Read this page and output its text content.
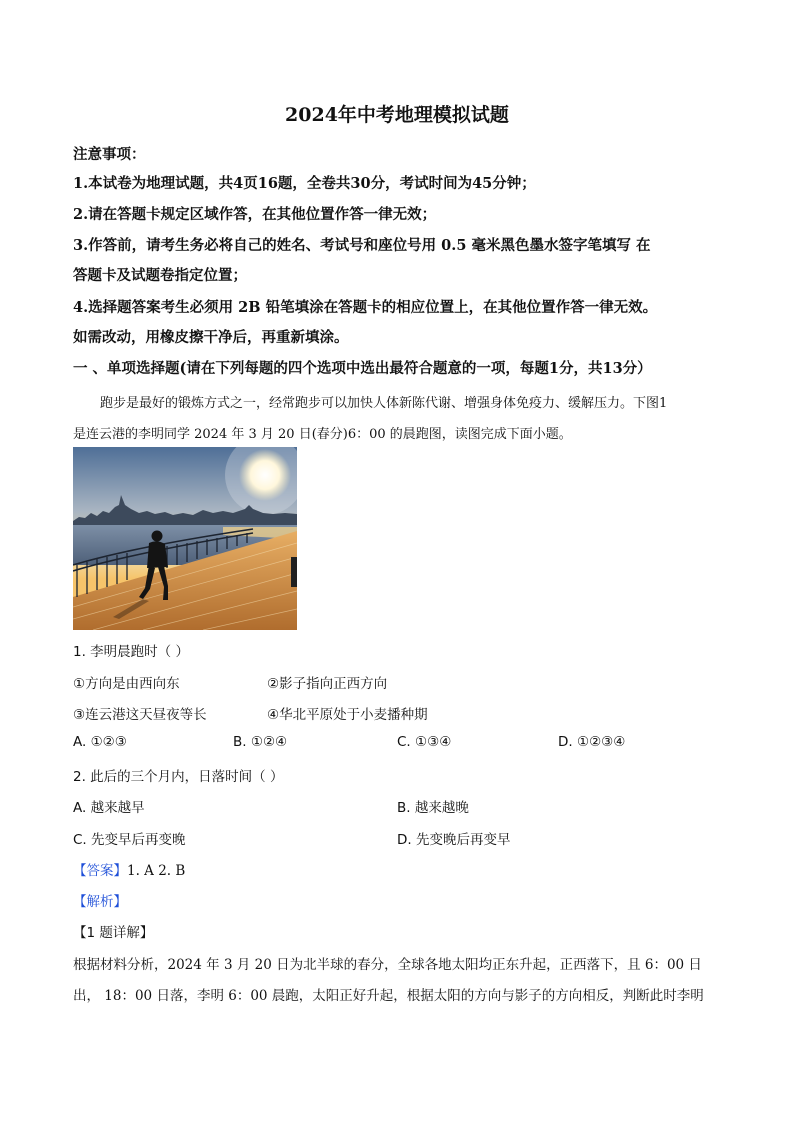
2024年中考地理模拟试题
注意事项：
1.本试卷为地理试题，共4页16题，全卷共30分，考试时间为45分钟；
2.请在答题卡规定区域作答，在其他位置作答一律无效；
3.作答前，请考生务必将自己的姓名、考试号和座位号用 0.5 毫米黑色墨水签字笔填写 在
答题卡及试题卷指定位置；
4.选择题答案考生必须用 2B 铅笔填涂在答题卡的相应位置上，在其他位置作答一律无效。
如需改动，用橡皮擦干净后，再重新填涂。
一 、单项选择题(请在下列每题的四个选项中选出最符合题意的一项，每题1分，共13分）
跑步是最好的锻炼方式之一，经常跑步可以加快人体新陈代谢、增强身体免疫力、缓解压力。下图1
是连云港的李明同学 2024 年 3 月 20 日(春分)6：00 的晨跑图，读图完成下面小题。
1. 李明晨跑时（ ）
①方向是由西向东	②影子指向正西方向
③连云港这天昼夜等长	④华北平原处于小麦播种期
A. ①②③	B. ①②④	C. ①③④	D. ①②③④
2. 此后的三个月内，日落时间（ ）
A. 越来越早	B. 越来越晚
C. 先变早后再变晚	D. 先变晚后再变早
【答案】1. A 2. B
【解析】
【1 题详解】
根据材料分析，2024 年 3 月 20 日为北半球的春分，全球各地太阳均正东升起，正西落下，且 6：00 日
出， 18：00 日落，李明 6：00 晨跑，太阳正好升起，根据太阳的方向与影子的方向相反，判断此时李明
